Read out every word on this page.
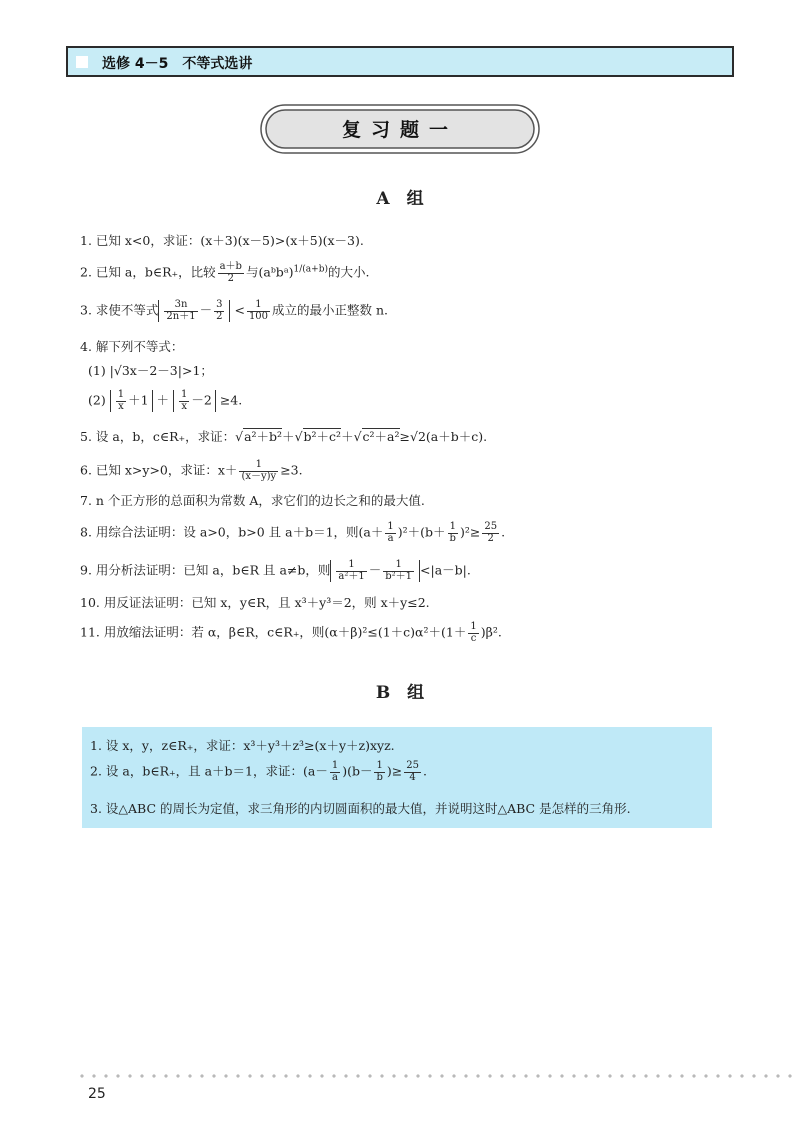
选修 4－5　不等式选讲
复习题一
A　组
1. 已知 x<0，求证：(x＋3)(x－5)>(x＋5)(x－3).
2. 已知 a，b∈R₊，比较 $\frac{a+b}{2}$ 与(aᵇbᵃ)$^{1/(a+b)}$的大小.
3. 求使不等式 $\frac{3n}{2n+1} - \frac{3}{2} < \frac{1}{100}$ 成立的最小正整数 n.
4. 解下列不等式：
(1) |√3x－2－3|>1；
$(2) \frac{1}{x} +1 + \frac{1}{x} -2 \ge 4$.
5. 设 a，b，c∈R₊，求证：√a²＋b²＋√b²＋c²＋√c²＋a²≥√2(a＋b＋c).
6. 已知 x>y>0，求证：$x+ \frac{1}{(x-y)y} \ge 3$.
7. n 个正方形的总面积为常数 A，求它们的边长之和的最大值.
8. 用综合法证明：设 a>0，b>0 且 a＋b＝1，则$(a+ \frac{1}{a} )^2+(b+ \frac{1}{b} )^2\ge \frac{25}{2}$ .
9. 用分析法证明：已知 a，b∈R 且 a≠b，则 $\frac{1}{\text{a²＋1}} - \frac{1}{\text{b²＋1}} <|a-b|$.
10. 用反证法证明：已知 x，y∈R，且 x³＋y³＝2，则 x＋y≤2.
11. 用放缩法证明：若 α，β∈R，c∈R₊，则$(\alpha+\beta)^2\le(1+c)\alpha^2+(1+ \frac{1}{c} )\beta^2$.
B　组
1. 设 x，y，z∈R₊，求证：x³＋y³＋z³≥(x＋y＋z)xyz.
2. 设 a，b∈R₊，且 a＋b＝1，求证：$(a- \frac{1}{a} )(b- \frac{1}{b}$ )≥ $\frac{25}{4}$ .
3. 设△ABC 的周长为定值，求三角形的内切圆面积的最大值，并说明这时△ABC 是怎样的三角形.
25
